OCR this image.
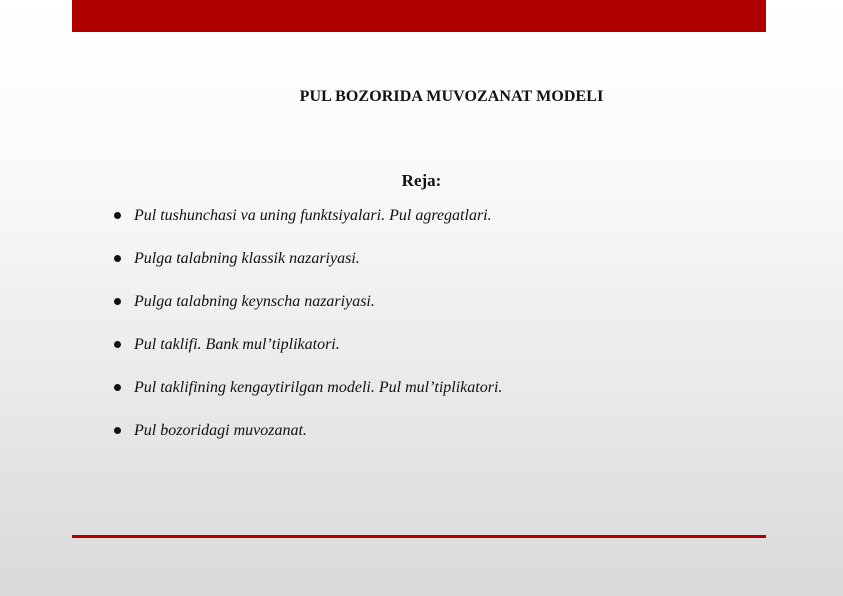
PUL BOZORIDA MUVOZANAT MODELI
Reja:
Pul tushunchasi va uning funktsiyalari. Pul agregatlari.
Pulga talabning klassik nazariyasi.
Pulga talabning keynscha nazariyasi.
Pul taklifi. Bank mulʼtiplikatori.
Pul taklifining kengaytirilgan modeli. Pul mulʼtiplikatori.
Pul bozoridagi muvozanat.
